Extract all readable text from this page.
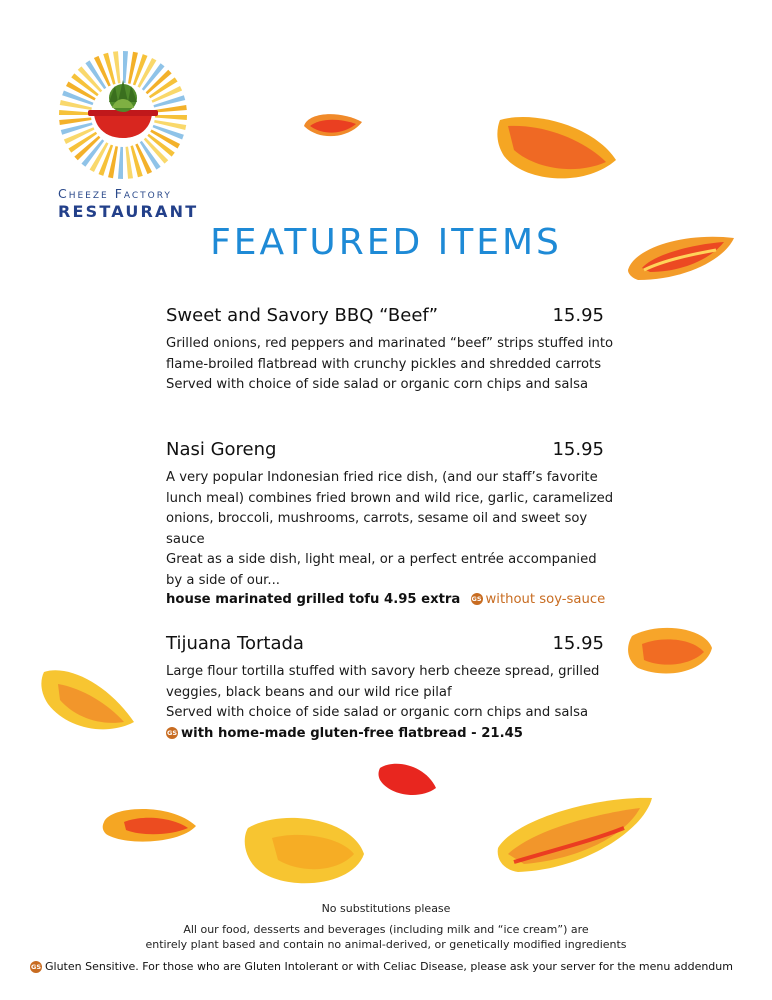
Cheeze Factory
RESTAURANT
FEATURED ITEMS
Sweet and Savory BBQ “Beef”	15.95

Grilled onions, red peppers and marinated “beef” strips stuffed into flame-broiled flatbread with crunchy pickles and shredded carrots

Served with choice of side salad or organic corn chips and salsa

Nasi Goreng	15.95

A very popular Indonesian fried rice dish, (and our staff’s favorite lunch meal) combines fried brown and wild rice, garlic, caramelized onions, broccoli, mushrooms, carrots, sesame oil and sweet soy sauce

Great as a side dish, light meal, or a perfect entrée accompanied by a side of our...

house marinated grilled tofu 4.95 extra GS without soy-sauce
Tijuana Tortada	15.95

Large flour tortilla stuffed with savory herb cheeze spread, grilled veggies, black beans and our wild rice pilaf

Served with choice of side salad or organic corn chips and salsa

GS with home-made gluten-free flatbread - 21.45
No substitutions please
All our food, desserts and beverages (including milk and “ice cream”) are
entirely plant based and contain no animal-derived, or genetically modified ingredients
GS Gluten Sensitive. For those who are Gluten Intolerant or with Celiac Disease, please ask your server for the menu addendum
